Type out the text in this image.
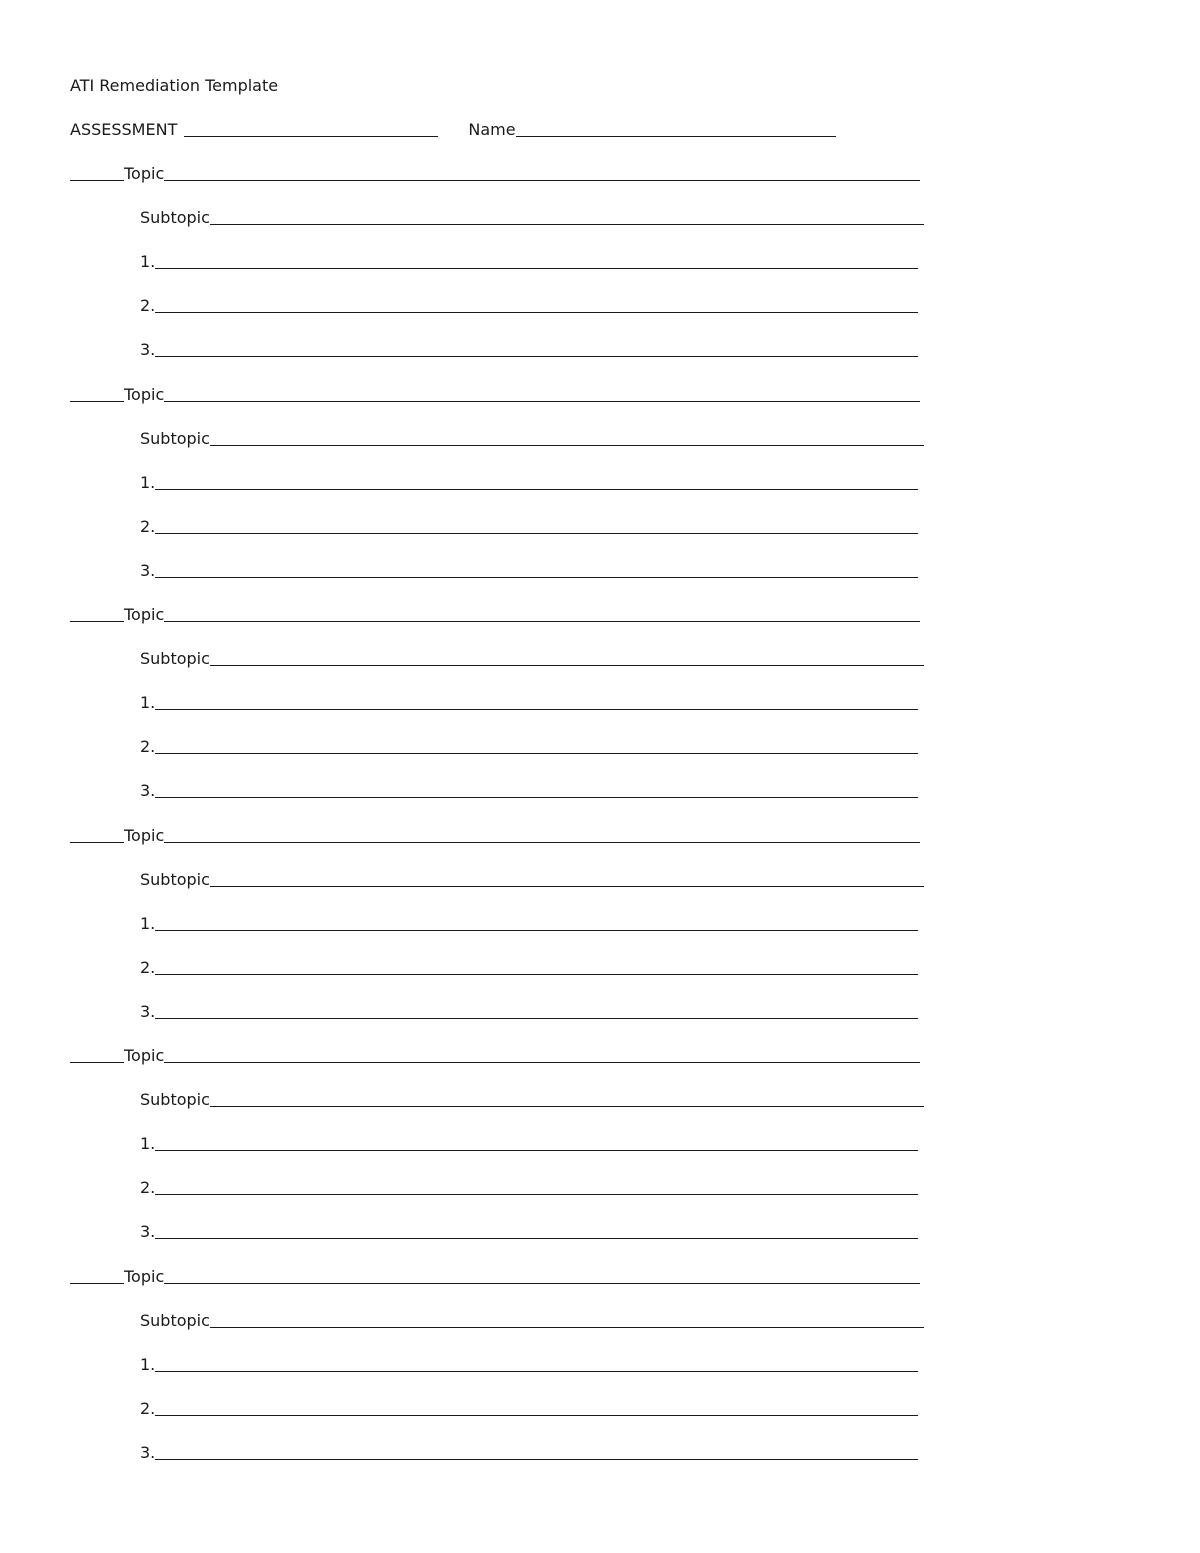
ATI Remediation Template
ASSESSMENT	Name
Topic
Subtopic
1.
2.
3.
Topic
Subtopic
1.
2.
3.
Topic
Subtopic
1.
2.
3.
Topic
Subtopic
1.
2.
3.
Topic
Subtopic
1.
2.
3.
Topic
Subtopic
1.
2.
3.
